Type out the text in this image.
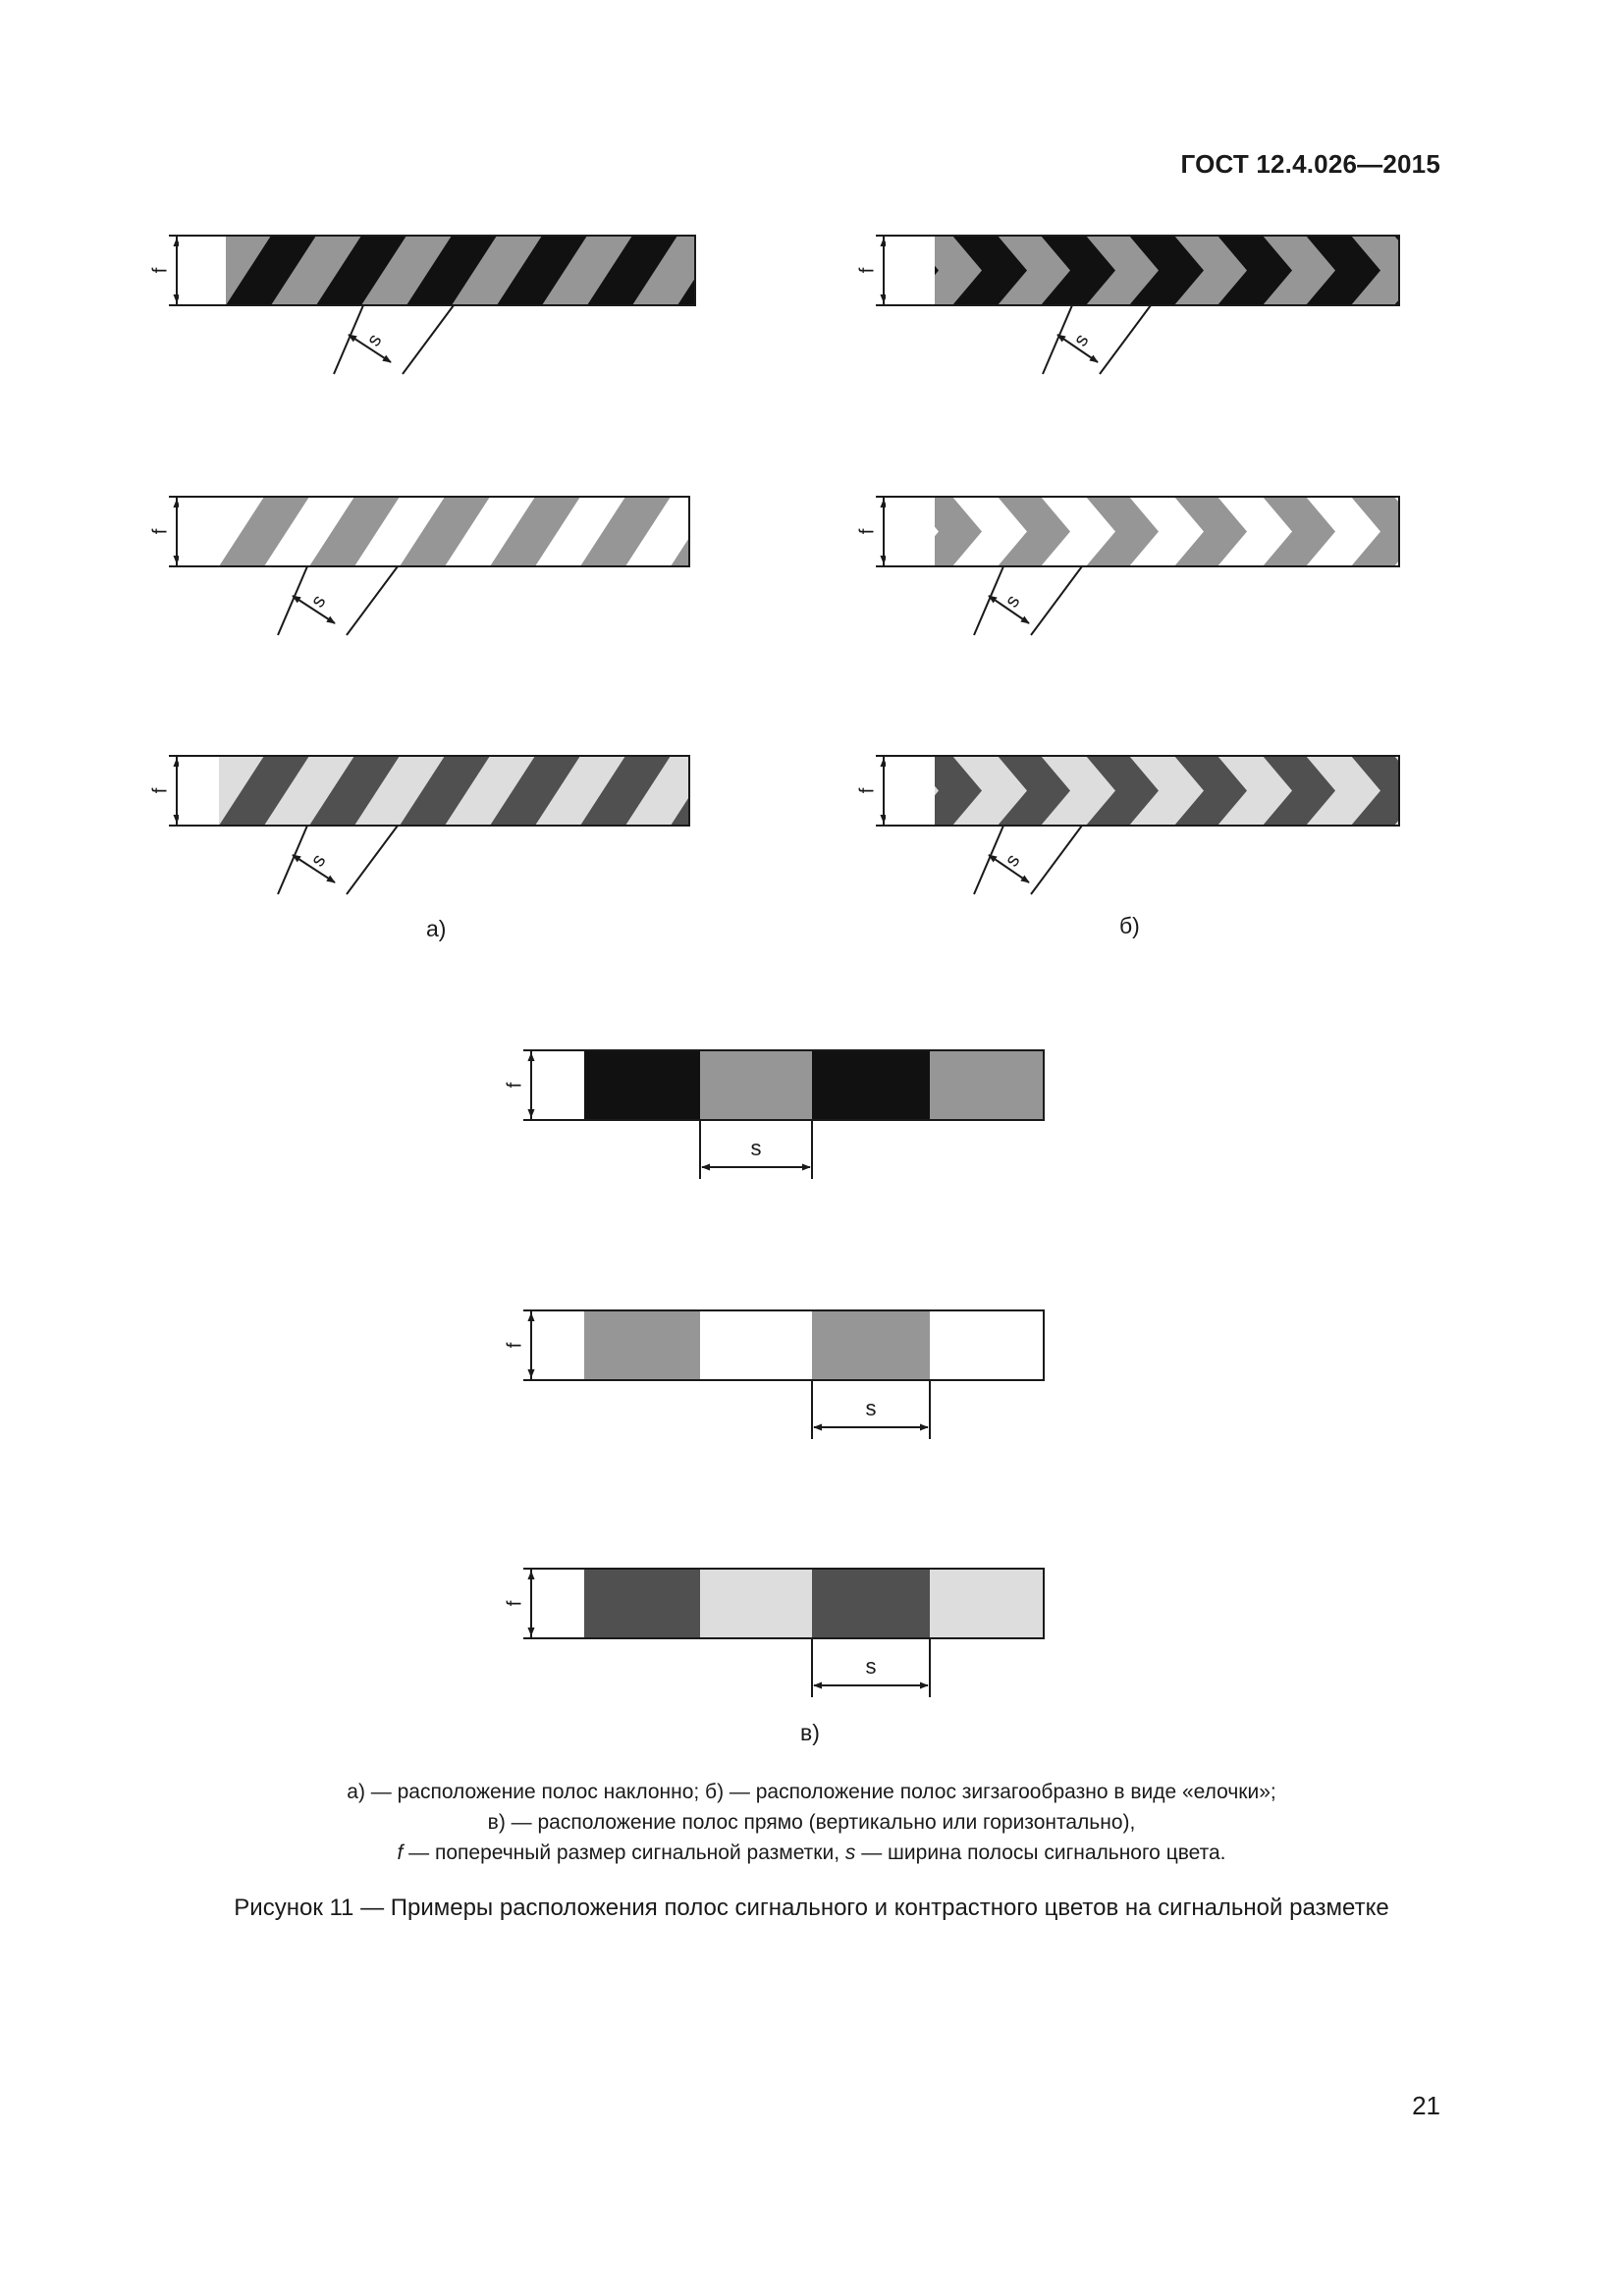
ГОСТ 12.4.026—2015
f
s
f
s
f
s
f
s
f
s
f
s
f
s
f
s
f
s
а)	б)
в)
а) — расположение полос наклонно; б) — расположение полос зигзагообразно в виде «елочки»;
в) — расположение полос прямо (вертикально или горизонтально),
f — поперечный размер сигнальной разметки, s — ширина полосы сигнального цвета.
Рисунок 11 — Примеры расположения полос сигнального и контрастного цветов на сигнальной разметке
21
